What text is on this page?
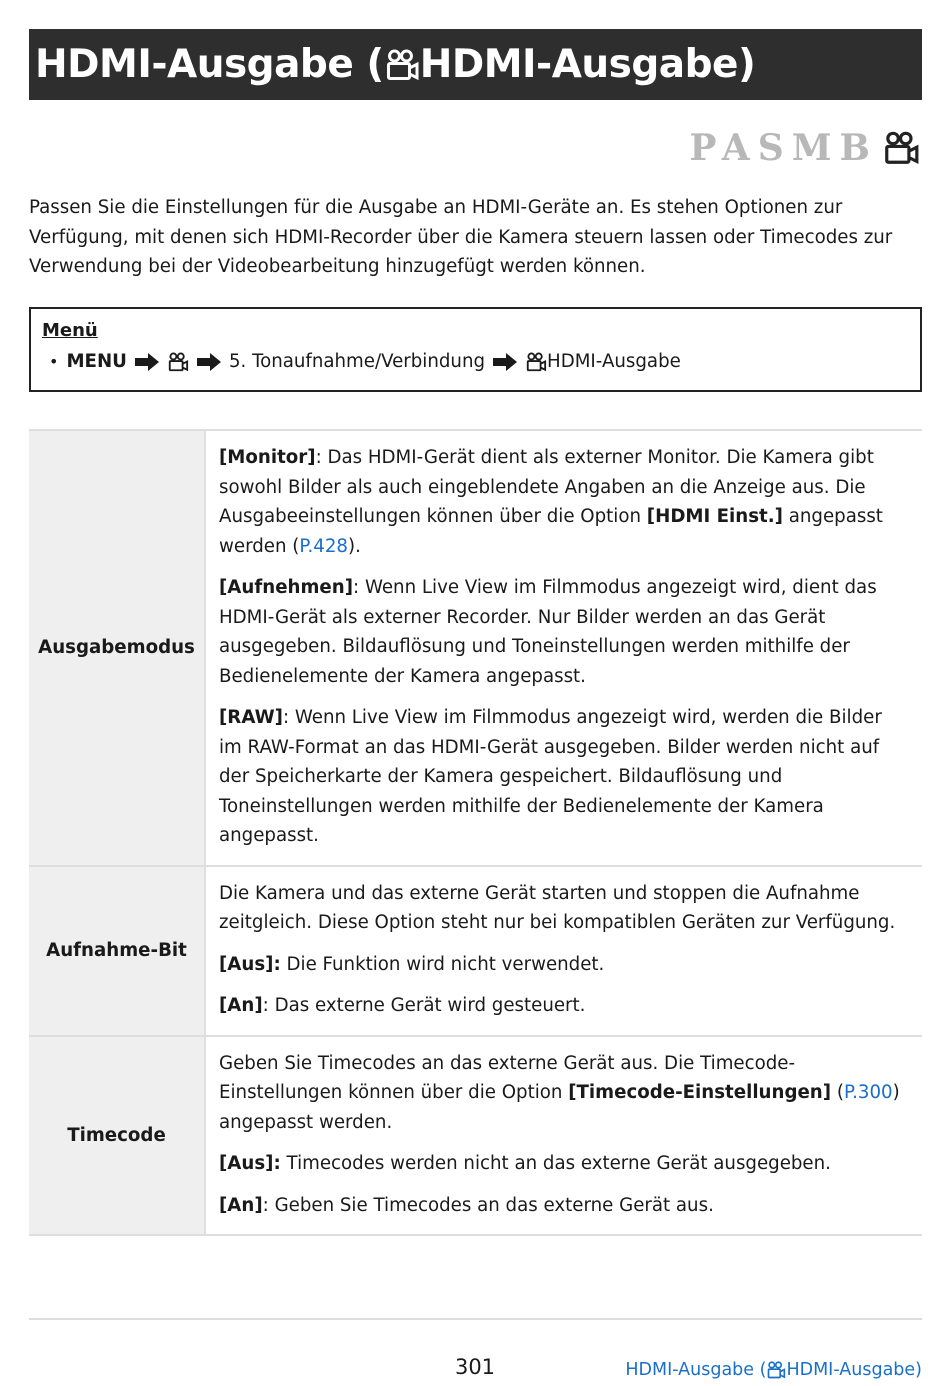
HDMI-Ausgabe ( HDMI-Ausgabe)
PASMB

Passen Sie die Einstellungen für die Ausgabe an HDMI-Geräte an. Es stehen Optionen zur Verfügung, mit denen sich HDMI-Recorder über die Kamera steuern lassen oder Timecodes zur Verwendung bei der Videobearbeitung hinzugefügt werden können.

Menü
• MENU	5. Tonaufnahme/Verbindung	HDMI-Ausgabe
Ausgabemodus	[Monitor]: Das HDMI-Gerät dient als externer Monitor. Die Kamera gibt sowohl Bilder als auch eingeblendete Angaben an die Anzeige aus. Die Ausgabeeinstellungen können über die Option [HDMI Einst.] angepasst werden (P.428).

[Aufnehmen]: Wenn Live View im Filmmodus angezeigt wird, dient das HDMI-Gerät als externer Recorder. Nur Bilder werden an das Gerät ausgegeben. Bildauflösung und Toneinstellungen werden mithilfe der Bedienelemente der Kamera angepasst.

[RAW]: Wenn Live View im Filmmodus angezeigt wird, werden die Bilder im RAW-Format an das HDMI-Gerät ausgegeben. Bilder werden nicht auf der Speicherkarte der Kamera gespeichert. Bildauflösung und Toneinstellungen werden mithilfe der Bedienelemente der Kamera angepasst.

Aufnahme-Bit	Die Kamera und das externe Gerät starten und stoppen die Aufnahme zeitgleich. Diese Option steht nur bei kompatiblen Geräten zur Verfügung.

[Aus]: Die Funktion wird nicht verwendet.

[An]: Das externe Gerät wird gesteuert.

Timecode	Geben Sie Timecodes an das externe Gerät aus. Die Timecode-Einstellungen können über die Option [Timecode-Einstellungen] (P.300) angepasst werden.

[Aus]: Timecodes werden nicht an das externe Gerät ausgegeben.

[An]: Geben Sie Timecodes an das externe Gerät aus.

301	HDMI-Ausgabe ( HDMI-Ausgabe)
